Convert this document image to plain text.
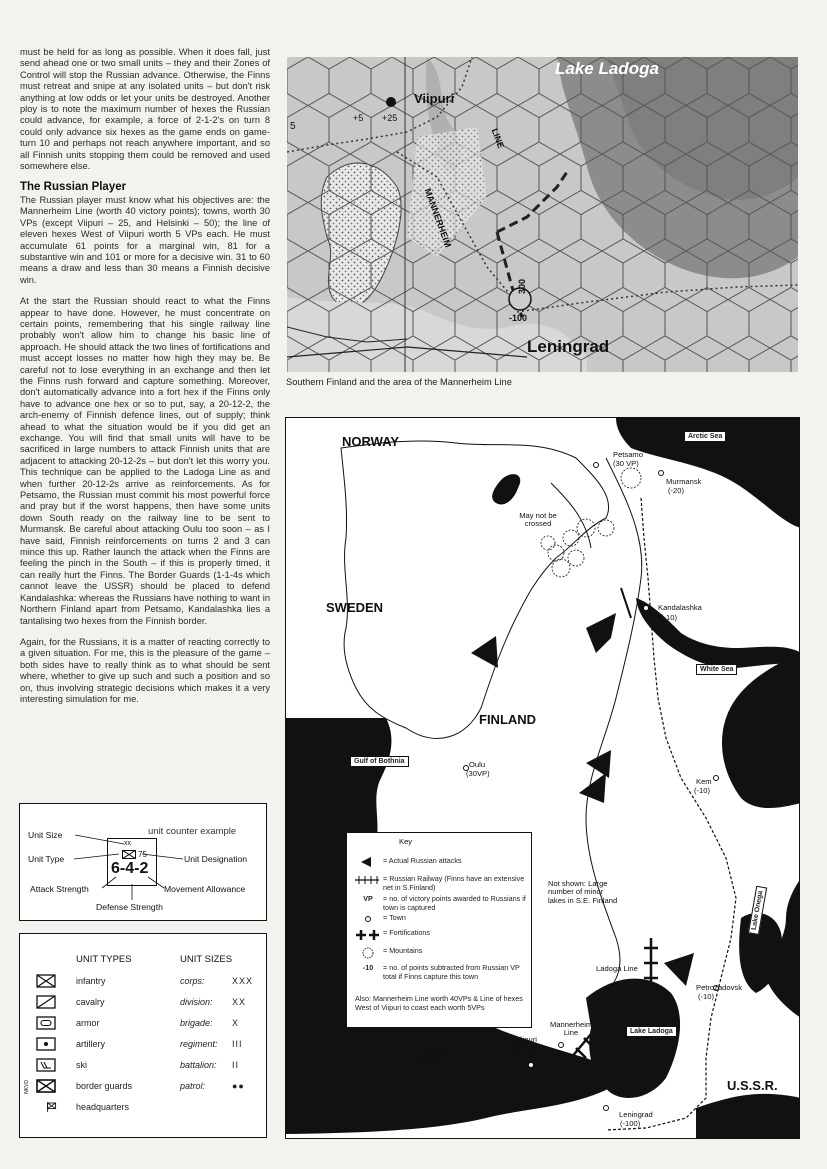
must be held for as long as possible. When it does fall, just send ahead one or two small units – they and their Zones of Control will stop the Russian advance. Otherwise, the Finns must retreat and snipe at any isolated units – but don't risk anything at low odds or let your units be destroyed. Another ploy is to note the maximum number of hexes the Russian could advance, for example, a force of 2-1-2's on turn 8 could only advance six hexes as the game ends on game-turn 10 and perhaps not reach anywhere important, and so all Finnish units stopping them could be removed and used somewhere else.

The Russian Player

The Russian player must know what his objectives are: the Mannerheim Line (worth 40 victory points); towns, worth 30 VPs (except Viipuri – 25, and Helsinki – 50); the line of eleven hexes West of Viipuri worth 5 VPs each. He must accumulate 61 points for a marginal win, 81 for a substantive win and 101 or more for a decisive win. 31 to 60 means a draw and less than 30 means a Finnish decisive win.

At the start the Russian should react to what the Finns appear to have done. However, he must concentrate on certain points, remembering that his single railway line probably won't allow him to change his basic line of approach. He should attack the two lines of fortifications and must accept losses no matter how high they may be. Be careful not to lose everything in an exchange and then let the Finns rush forward and capture something. Moreover, don't automatically advance into a fort hex if the Finns only have to advance one hex or so to put, say, a 20-12-2, the arch-enemy of Finnish defence lines, out of supply; think ahead to what the situation would be if you did get an exchange. You will find that small units will have to be sacrificed in large numbers to attack Finnish units that are adjacent to attacking 20-12-2s – but don't let this worry you. This technique can be applied to the Ladoga Line as and when further 20-12-2s arrive as reinforcements. As for Petsamo, the Russian must commit his most powerful force and pray but if the worst happens, then have some units down South ready on the railway line to be sent to Murmansk. Be careful about attacking Oulu too soon – as I have said, Finnish reinforcements on turns 2 and 3 can mince this up. Rather launch the attack when the Finns are feeling the pinch in the South – if this is properly timed, it can really hurt the Finns. The Border Guards (1-1-4s which cannot leave the USSR) should be placed to defend Kandalashka: whereas the Russians have nothing to want in Northern Finland apart from Petsamo, Kandalashka lies a tantalising two hexes from the Finnish border.

Again, for the Russians, it is a matter of reacting correctly to a given situation. For me, this is the pleasure of the game – both sides have to really think as to what should be sent where, whether to give up such and such a position and so on, thus involving strategic decisions which makes it a very interesting simulation for me.

unit counter example
Unit Size
Unit Type	Unit Designation
Attack Strength	Movement Allowance
Defense Strength
xx
75
6-4-2
UNIT TYPES	UNIT SIZES
infantry	corps:	XXX
cavalry	division: XX
armor	brigade: X
artillery	regiment: III
ski	battalion: II
NKVD	border guards	patrol:	●●
headquarters
Lake Ladoga
Viipuri
+5 +25
5
MANNERHEIM
LINE
300
-100
Leningrad
Southern Finland and the area of the Mannerheim Line
NORWAY
SWEDEN
FINLAND
U.S.S.R.
Arctic Sea
White Sea
Gulf of Bothnia
Lake Ladoga
Lake Onega
Petsamo
(30 VP)
Murmansk
(-20)
May not be crossed
Kandalashka
(-10)
Oulu
(30VP)
Kem
(-10)
Not shown: Large number of minor lakes in S.E. Finland
Ladoga Line
Petrozadovsk
(-10)
Mannerheim Line
Viipuri
(25 VP)
Helsinki
(50VP)
Leningrad
(-100)
Key
= Actual Russian attacks
= Russian Railway (Finns have an extensive net in S.Finland)
VP	= no. of victory points awarded to Russians if town is captured
= Town
= Fortifications
= Mountains
-10	= no. of points subtracted from Russian VP total if Finns capture this town
Also: Mannerheim Line worth 40VPs & Line of hexes West of Viipuri to coast each worth 5VPs
